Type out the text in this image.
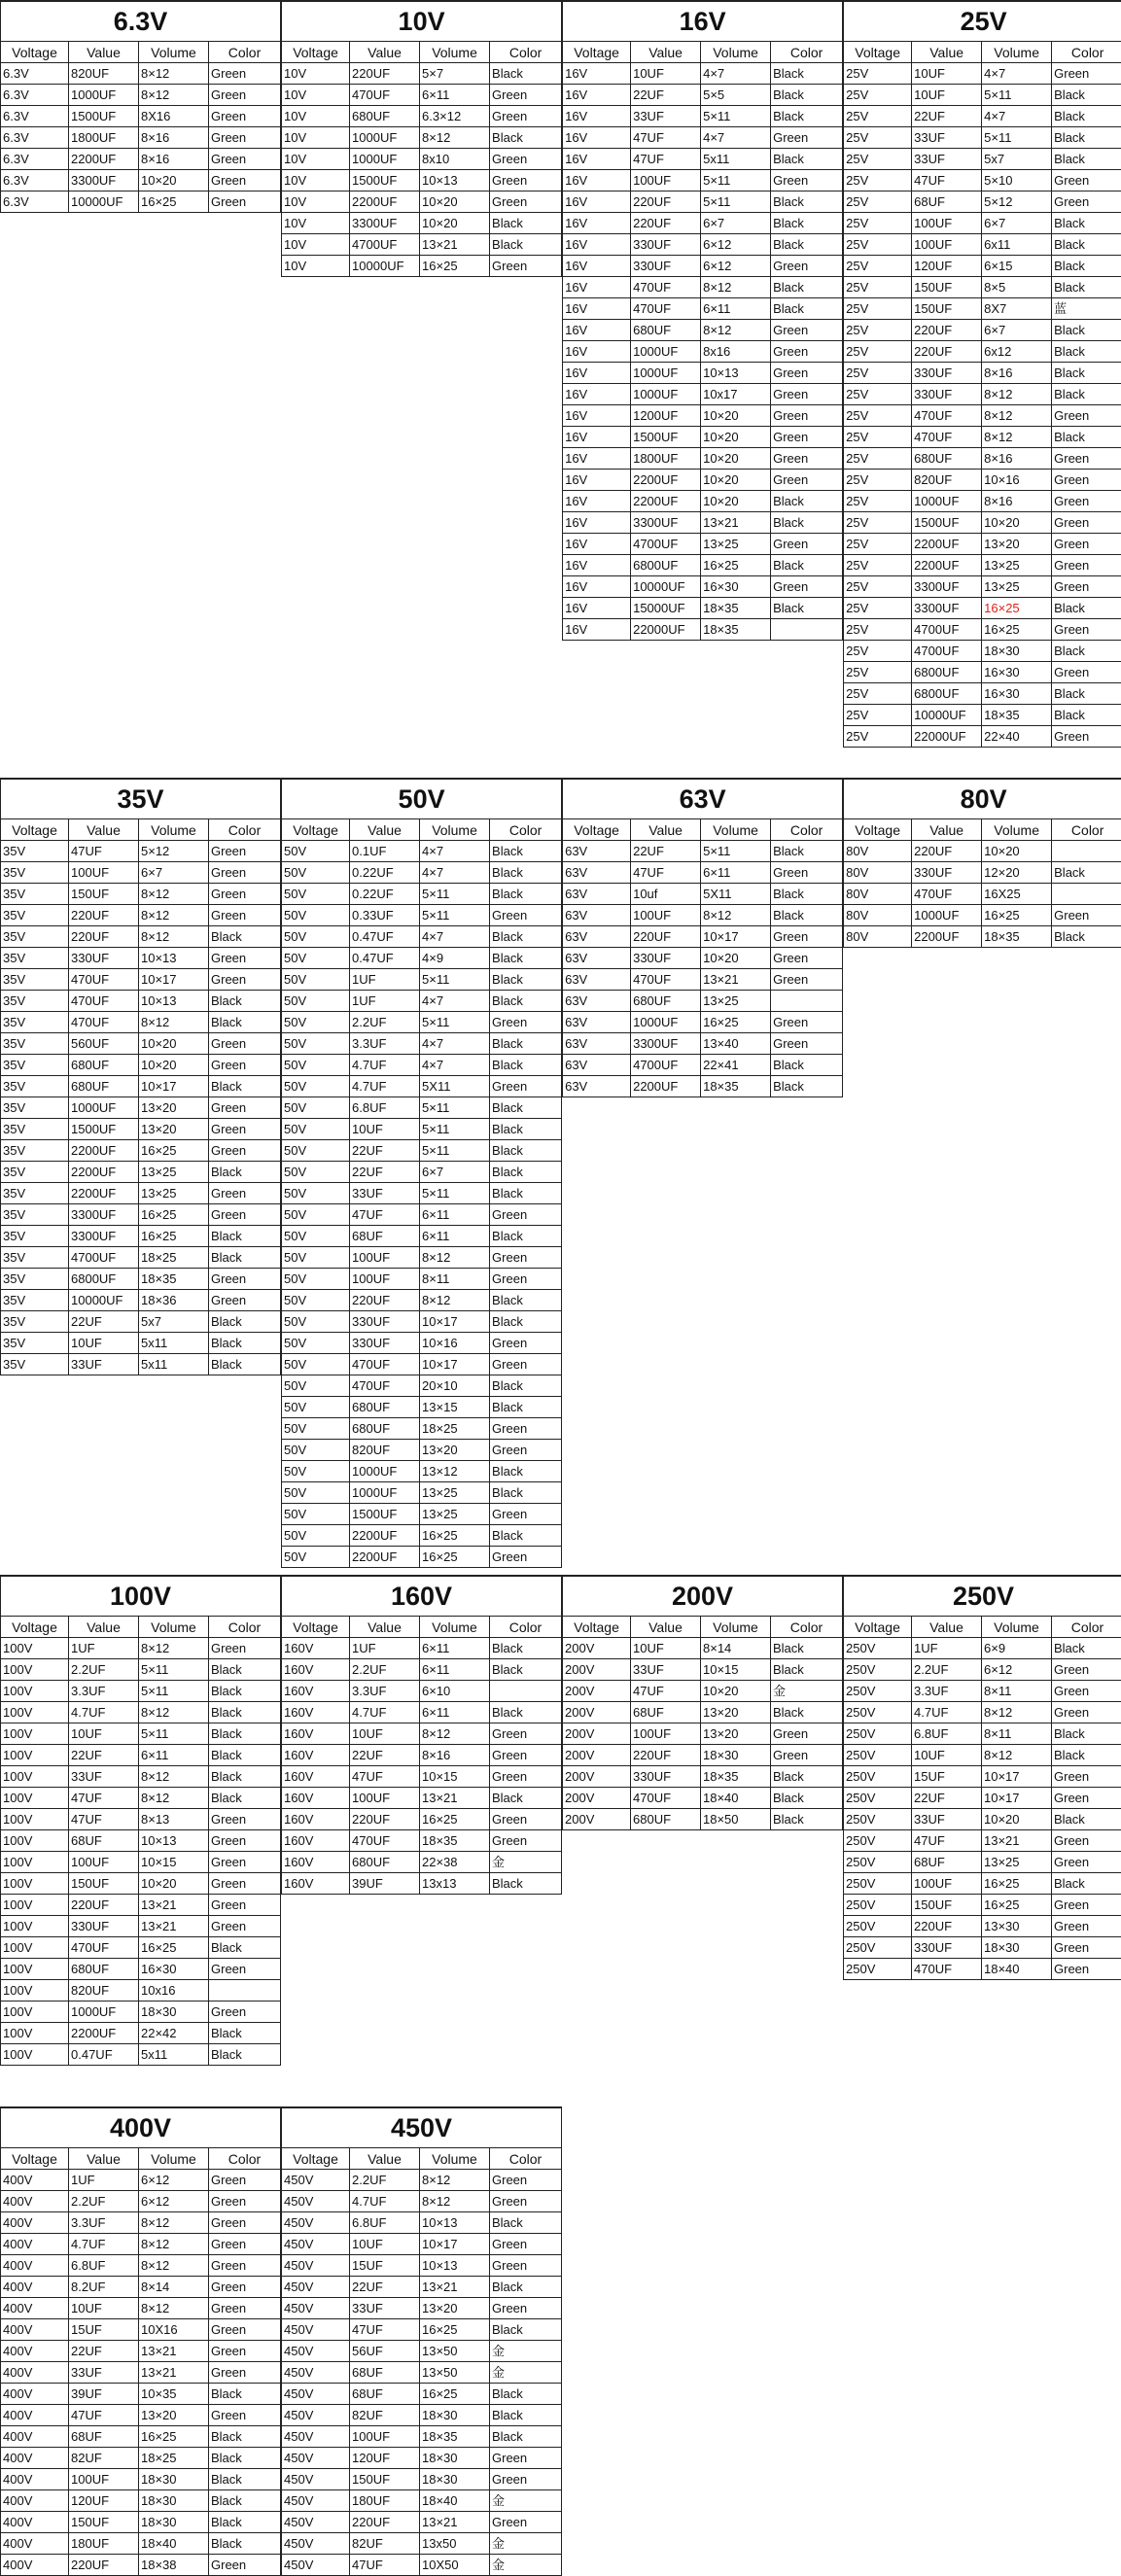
6.3V			
Voltage	Value	Volume	Color
6.3V	820UF	8×12	Green
6.3V	1000UF	8×12	Green
6.3V	1500UF	8X16	Green
6.3V	1800UF	8×16	Green
6.3V	2200UF	8×16	Green
6.3V	3300UF	10×20	Green
6.3V	10000UF	16×25	Green
10V			
Voltage	Value	Volume	Color
10V	220UF	5×7	Black
10V	470UF	6×11	Green
10V	680UF	6.3×12	Green
10V	1000UF	8×12	Black
10V	1000UF	8x10	Green
10V	1500UF	10×13	Green
10V	2200UF	10×20	Green
10V	3300UF	10×20	Black
10V	4700UF	13×21	Black
10V	10000UF	16×25	Green
16V			
Voltage	Value	Volume	Color
16V	10UF	4×7	Black
16V	22UF	5×5	Black
16V	33UF	5×11	Black
16V	47UF	4×7	Green
16V	47UF	5x11	Black
16V	100UF	5×11	Green
16V	220UF	5×11	Black
16V	220UF	6×7	Black
16V	330UF	6×12	Black
16V	330UF	6×12	Green
16V	470UF	8×12	Black
16V	470UF	6×11	Black
16V	680UF	8×12	Green
16V	1000UF	8x16	Green
16V	1000UF	10×13	Green
16V	1000UF	10x17	Green
16V	1200UF	10×20	Green
16V	1500UF	10×20	Green
16V	1800UF	10×20	Green
16V	2200UF	10×20	Green
16V	2200UF	10×20	Black
16V	3300UF	13×21	Black
16V	4700UF	13×25	Green
16V	6800UF	16×25	Black
16V	10000UF	16×30	Green
16V	15000UF	18×35	Black
16V	22000UF	18×35	
25V			
Voltage	Value	Volume	Color
25V	10UF	4×7	Green
25V	10UF	5×11	Black
25V	22UF	4×7	Black
25V	33UF	5×11	Black
25V	33UF	5x7	Black
25V	47UF	5×10	Green
25V	68UF	5×12	Green
25V	100UF	6×7	Black
25V	100UF	6x11	Black
25V	120UF	6×15	Black
25V	150UF	8×5	Black
25V	150UF	8X7	蓝
25V	220UF	6×7	Black
25V	220UF	6x12	Black
25V	330UF	8×16	Black
25V	330UF	8×12	Black
25V	470UF	8×12	Green
25V	470UF	8×12	Black
25V	680UF	8×16	Green
25V	820UF	10×16	Green
25V	1000UF	8×16	Green
25V	1500UF	10×20	Green
25V	2200UF	13×20	Green
25V	2200UF	13×25	Green
25V	3300UF	13×25	Green
25V	3300UF	16×25	Black
25V	4700UF	16×25	Green
25V	4700UF	18×30	Black
25V	6800UF	16×30	Green
25V	6800UF	16×30	Black
25V	10000UF	18×35	Black
25V	22000UF	22×40	Green
35V			
Voltage	Value	Volume	Color
35V	47UF	5×12	Green
35V	100UF	6×7	Green
35V	150UF	8×12	Green
35V	220UF	8×12	Green
35V	220UF	8×12	Black
35V	330UF	10×13	Green
35V	470UF	10×17	Green
35V	470UF	10×13	Black
35V	470UF	8×12	Black
35V	560UF	10×20	Green
35V	680UF	10×20	Green
35V	680UF	10×17	Black
35V	1000UF	13×20	Green
35V	1500UF	13×20	Green
35V	2200UF	16×25	Green
35V	2200UF	13×25	Black
35V	2200UF	13×25	Green
35V	3300UF	16×25	Green
35V	3300UF	16×25	Black
35V	4700UF	18×25	Black
35V	6800UF	18×35	Green
35V	10000UF	18×36	Green
35V	22UF	5x7	Black
35V	10UF	5x11	Black
35V	33UF	5x11	Black
50V			
Voltage	Value	Volume	Color
50V	0.1UF	4×7	Black
50V	0.22UF	4×7	Black
50V	0.22UF	5×11	Black
50V	0.33UF	5×11	Green
50V	0.47UF	4×7	Black
50V	0.47UF	4×9	Black
50V	1UF	5×11	Black
50V	1UF	4×7	Black
50V	2.2UF	5×11	Green
50V	3.3UF	4×7	Black
50V	4.7UF	4×7	Black
50V	4.7UF	5X11	Green
50V	6.8UF	5×11	Black
50V	10UF	5×11	Black
50V	22UF	5×11	Black
50V	22UF	6×7	Black
50V	33UF	5×11	Black
50V	47UF	6×11	Green
50V	68UF	6×11	Black
50V	100UF	8×12	Green
50V	100UF	8×11	Green
50V	220UF	8×12	Black
50V	330UF	10×17	Black
50V	330UF	10×16	Green
50V	470UF	10×17	Green
50V	470UF	20×10	Black
50V	680UF	13×15	Black
50V	680UF	18×25	Green
50V	820UF	13×20	Green
50V	1000UF	13×12	Black
50V	1000UF	13×25	Black
50V	1500UF	13×25	Green
50V	2200UF	16×25	Black
50V	2200UF	16×25	Green
63V			
Voltage	Value	Volume	Color
63V	22UF	5×11	Black
63V	47UF	6×11	Green
63V	10uf	5X11	Black
63V	100UF	8×12	Black
63V	220UF	10×17	Green
63V	330UF	10×20	Green
63V	470UF	13×21	Green
63V	680UF	13×25	
63V	1000UF	16×25	Green
63V	3300UF	13×40	Green
63V	4700UF	22×41	Black
63V	2200UF	18×35	Black
80V			
Voltage	Value	Volume	Color
80V	220UF	10×20	
80V	330UF	12×20	Black
80V	470UF	16X25	
80V	1000UF	16×25	Green
80V	2200UF	18×35	Black
100V			
Voltage	Value	Volume	Color
100V	1UF	8×12	Green
100V	2.2UF	5×11	Black
100V	3.3UF	5×11	Black
100V	4.7UF	8×12	Black
100V	10UF	5×11	Black
100V	22UF	6×11	Black
100V	33UF	8×12	Black
100V	47UF	8×12	Black
100V	47UF	8×13	Green
100V	68UF	10×13	Green
100V	100UF	10×15	Green
100V	150UF	10×20	Green
100V	220UF	13×21	Green
100V	330UF	13×21	Green
100V	470UF	16×25	Black
100V	680UF	16×30	Green
100V	820UF	10x16	
100V	1000UF	18×30	Green
100V	2200UF	22×42	Black
100V	0.47UF	5x11	Black
160V			
Voltage	Value	Volume	Color
160V	1UF	6×11	Black
160V	2.2UF	6×11	Black
160V	3.3UF	6×10	
160V	4.7UF	6×11	Black
160V	10UF	8×12	Green
160V	22UF	8×16	Green
160V	47UF	10×15	Green
160V	100UF	13×21	Black
160V	220UF	16×25	Green
160V	470UF	18×35	Green
160V	680UF	22×38	金
160V	39UF	13x13	Black
200V			
Voltage	Value	Volume	Color
200V	10UF	8×14	Black
200V	33UF	10×15	Black
200V	47UF	10×20	金
200V	68UF	13×20	Black
200V	100UF	13×20	Green
200V	220UF	18×30	Green
200V	330UF	18×35	Black
200V	470UF	18×40	Black
200V	680UF	18×50	Black
250V			
Voltage	Value	Volume	Color
250V	1UF	6×9	Black
250V	2.2UF	6×12	Green
250V	3.3UF	8×11	Green
250V	4.7UF	8×12	Green
250V	6.8UF	8×11	Black
250V	10UF	8×12	Black
250V	15UF	10×17	Green
250V	22UF	10×17	Green
250V	33UF	10×20	Black
250V	47UF	13×21	Green
250V	68UF	13×25	Green
250V	100UF	16×25	Black
250V	150UF	16×25	Green
250V	220UF	13×30	Green
250V	330UF	18×30	Green
250V	470UF	18×40	Green
400V			
Voltage	Value	Volume	Color
400V	1UF	6×12	Green
400V	2.2UF	6×12	Green
400V	3.3UF	8×12	Green
400V	4.7UF	8×12	Green
400V	6.8UF	8×12	Green
400V	8.2UF	8×14	Green
400V	10UF	8×12	Green
400V	15UF	10X16	Green
400V	22UF	13×21	Green
400V	33UF	13×21	Green
400V	39UF	10×35	Black
400V	47UF	13×20	Green
400V	68UF	16×25	Black
400V	82UF	18×25	Black
400V	100UF	18×30	Black
400V	120UF	18×30	Black
400V	150UF	18×30	Black
400V	180UF	18×40	Black
400V	220UF	18×38	Green
450V			
Voltage	Value	Volume	Color
450V	2.2UF	8×12	Green
450V	4.7UF	8×12	Green
450V	6.8UF	10×13	Black
450V	10UF	10×17	Green
450V	15UF	10×13	Green
450V	22UF	13×21	Black
450V	33UF	13×20	Green
450V	47UF	16×25	Black
450V	56UF	13×50	金
450V	68UF	13×50	金
450V	68UF	16×25	Black
450V	82UF	18×30	Black
450V	100UF	18×35	Black
450V	120UF	18×30	Green
450V	150UF	18×30	Green
450V	180UF	18×40	金
450V	220UF	13×21	Green
450V	82UF	13x50	金
450V	47UF	10X50	金
